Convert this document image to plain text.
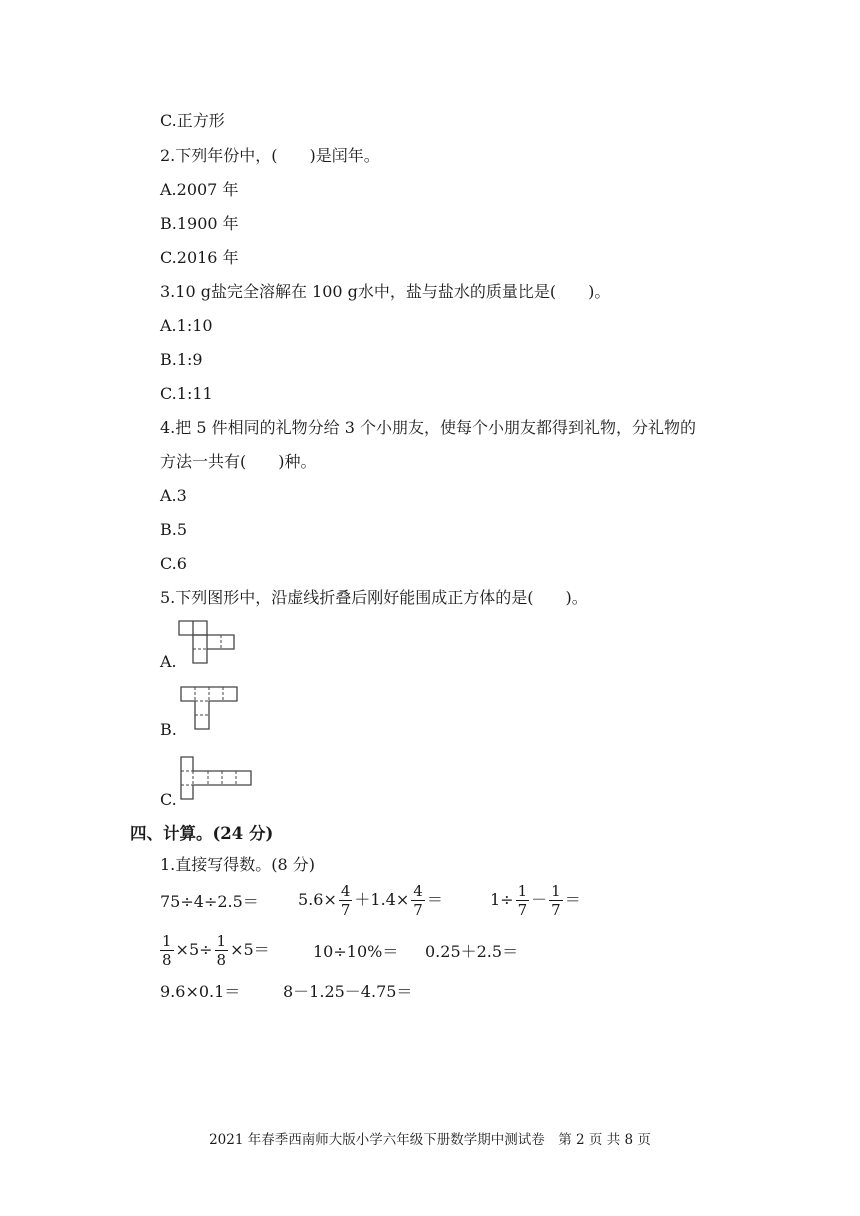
C.正方形
2.下列年份中，(　　)是闰年。
A.2007 年
B.1900 年
C.2016 年
3.10 g盐完全溶解在 100 g水中，盐与盐水的质量比是(　　)。
A.1:10
B.1:9
C.1:11
4.把 5 件相同的礼物分给 3 个小朋友，使每个小朋友都得到礼物，分礼物的
方法一共有(　　)种。
A.3
B.5
C.6
5.下列图形中，沿虚线折叠后刚好能围成正方体的是(　　)。
A.
B.
C.
四、计算。(24 分)
1.直接写得数。(8 分)
$75\div 4\div 2.5= 5.6\times \frac{4}{7} +1.4\times \frac{4}{7}$ ＝	$1\div \frac{1}{7} - \frac{1}{7}$ ＝
$\frac{1}{8} \times 5\div \frac{1}{8} \times 5=$	10÷10%＝ 0.25＋2.5＝
9.6×0.1＝	8－1.25－4.75＝
2021 年春季西南师大版小学六年级下册数学期中测试卷　第 2 页 共 8 页
